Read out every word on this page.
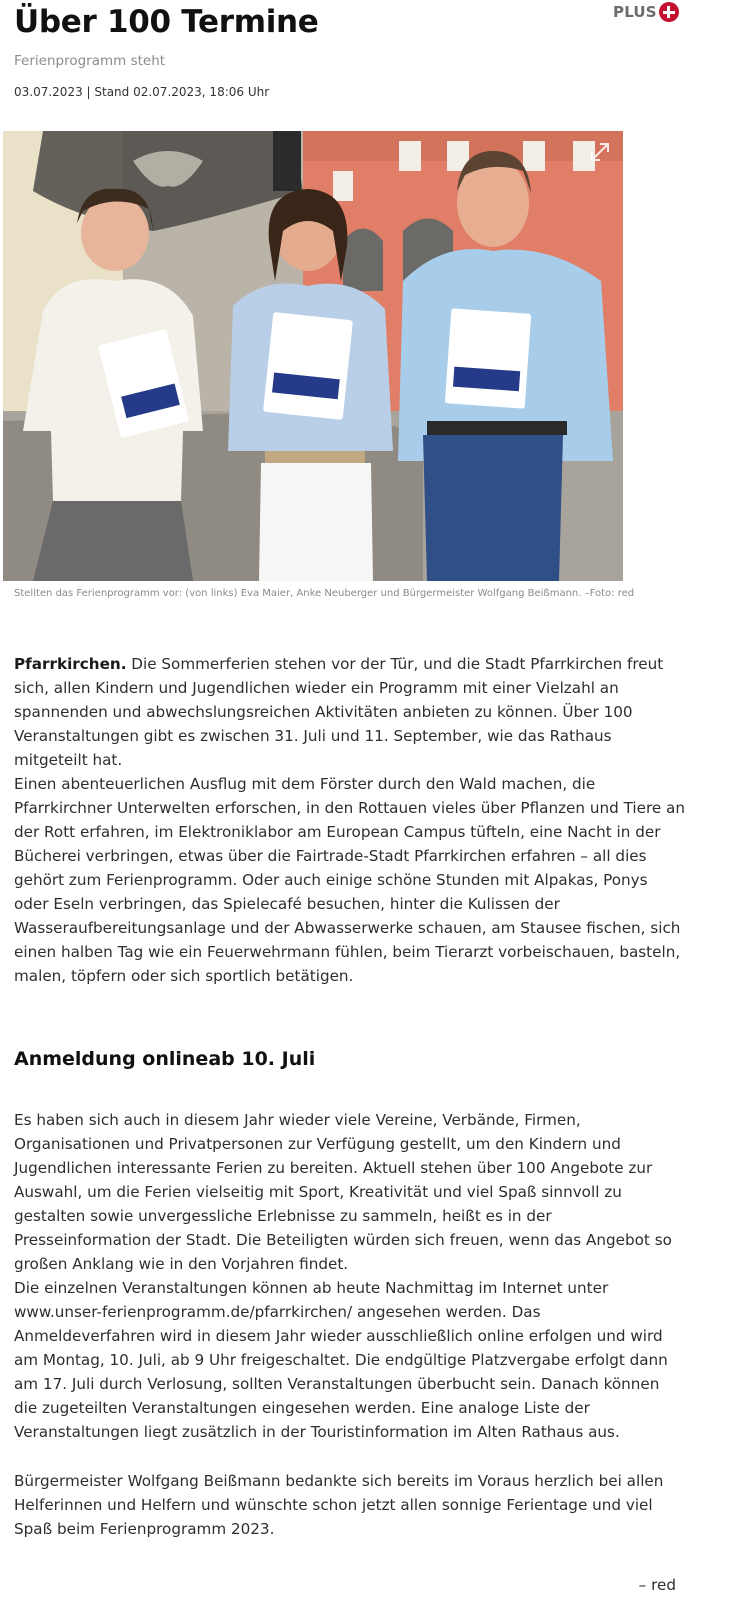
Über 100 Termine	PLUS
Ferienprogramm steht
03.07.2023 | Stand 02.07.2023, 18:06 Uhr
Stellten das Ferienprogramm vor: (von links) Eva Maier, Anke Neuberger und Bürgermeister Wolfgang Beißmann. –Foto: red

Pfarrkirchen. Die Sommerferien stehen vor der Tür, und die Stadt Pfarrkirchen freut sich, allen Kindern und Jugendlichen wieder ein Programm mit einer Vielzahl an spannenden und abwechslungsreichen Aktivitäten anbieten zu können. Über 100 Veranstaltungen gibt es zwischen 31. Juli und 11. September, wie das Rathaus mitgeteilt hat.

Einen abenteuerlichen Ausflug mit dem Förster durch den Wald machen, die Pfarrkirchner Unterwelten erforschen, in den Rottauen vieles über Pflanzen und Tiere an der Rott erfahren, im Elektroniklabor am European Campus tüfteln, eine Nacht in der Bücherei verbringen, etwas über die Fairtrade-Stadt Pfarrkirchen erfahren – all dies gehört zum Ferienprogramm. Oder auch einige schöne Stunden mit Alpakas, Ponys oder Eseln verbringen, das Spielecafé besuchen, hinter die Kulissen der Wasseraufbereitungsanlage und der Abwasserwerke schauen, am Stausee fischen, sich einen halben Tag wie ein Feuerwehrmann fühlen, beim Tierarzt vorbeischauen, basteln, malen, töpfern oder sich sportlich betätigen.

Anmeldung onlineab 10. Juli

Es haben sich auch in diesem Jahr wieder viele Vereine, Verbände, Firmen, Organisationen und Privatpersonen zur Verfügung gestellt, um den Kindern und Jugendlichen interessante Ferien zu bereiten. Aktuell stehen über 100 Angebote zur Auswahl, um die Ferien vielseitig mit Sport, Kreativität und viel Spaß sinnvoll zu gestalten sowie unvergessliche Erlebnisse zu sammeln, heißt es in der Presseinformation der Stadt. Die Beteiligten würden sich freuen, wenn das Angebot so großen Anklang wie in den Vorjahren findet.

Die einzelnen Veranstaltungen können ab heute Nachmittag im Internet unter www.unser-ferienprogramm.de/pfarrkirchen/ angesehen werden. Das Anmeldeverfahren wird in diesem Jahr wieder ausschließlich online erfolgen und wird am Montag, 10. Juli, ab 9 Uhr freigeschaltet. Die endgültige Platzvergabe erfolgt dann am 17. Juli durch Verlosung, sollten Veranstaltungen überbucht sein. Danach können die zugeteilten Veranstaltungen eingesehen werden. Eine analoge Liste der Veranstaltungen liegt zusätzlich in der Touristinformation im Alten Rathaus aus.

Bürgermeister Wolfgang Beißmann bedankte sich bereits im Voraus herzlich bei allen Helferinnen und Helfern und wünschte schon jetzt allen sonnige Ferientage und viel Spaß beim Ferienprogramm 2023.

– red
